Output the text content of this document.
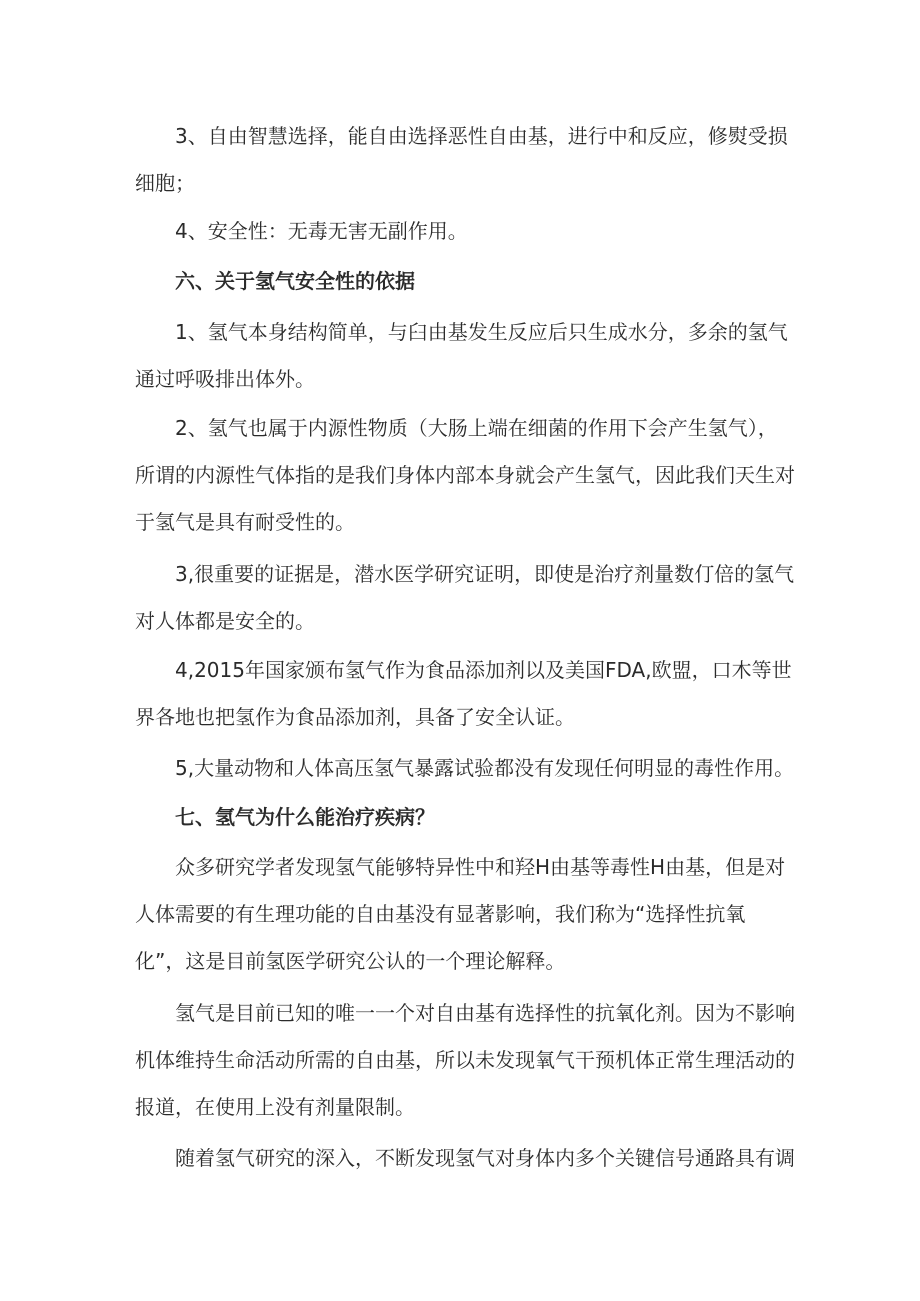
3、自由智慧选择，能自由选择恶性自由基，进行中和反应，修熨受损细胞；

4、安全性：无毒无害无副作用。

六、关于氢气安全性的依据

1、氢气本身结构简单，与臼由基发生反应后只生成水分，多余的氢气通过呼吸排出体外。

2、氢气也属于内源性物质（大肠上端在细菌的作用下会产生氢气），所谓的内源性气体指的是我们身体内部本身就会产生氢气，因此我们天生对于氢气是具有耐受性的。

3,很重要的证据是，潜水医学研究证明，即使是治疗剂量数仃倍的氢气对人体都是安全的。

4,2015年国家颁布氢气作为食品添加剂以及美国FDA,欧盟，口木等世界各地也把氢作为食品添加剂，具备了安全认证。

5,大量动物和人体高压氢气暴露试验都没有发现任何明显的毒性作用。

七、氢气为什么能治疗疾病？

众多研究学者发现氢气能够特异性中和羟H由基等毒性H由基，但是对人体需要的有生理功能的自由基没有显著影响，我们称为“选择性抗氧化”，这是目前氢医学研究公认的一个理论解释。

氢气是目前已知的唯一一个对自由基有选择性的抗氧化剂。因为不影响机体维持生命活动所需的自由基，所以未发现氧气干预机体正常生理活动的报道，在使用上没有剂量限制。

随着氢气研究的深入，不断发现氢气对身体内多个关键信号通路具有调
